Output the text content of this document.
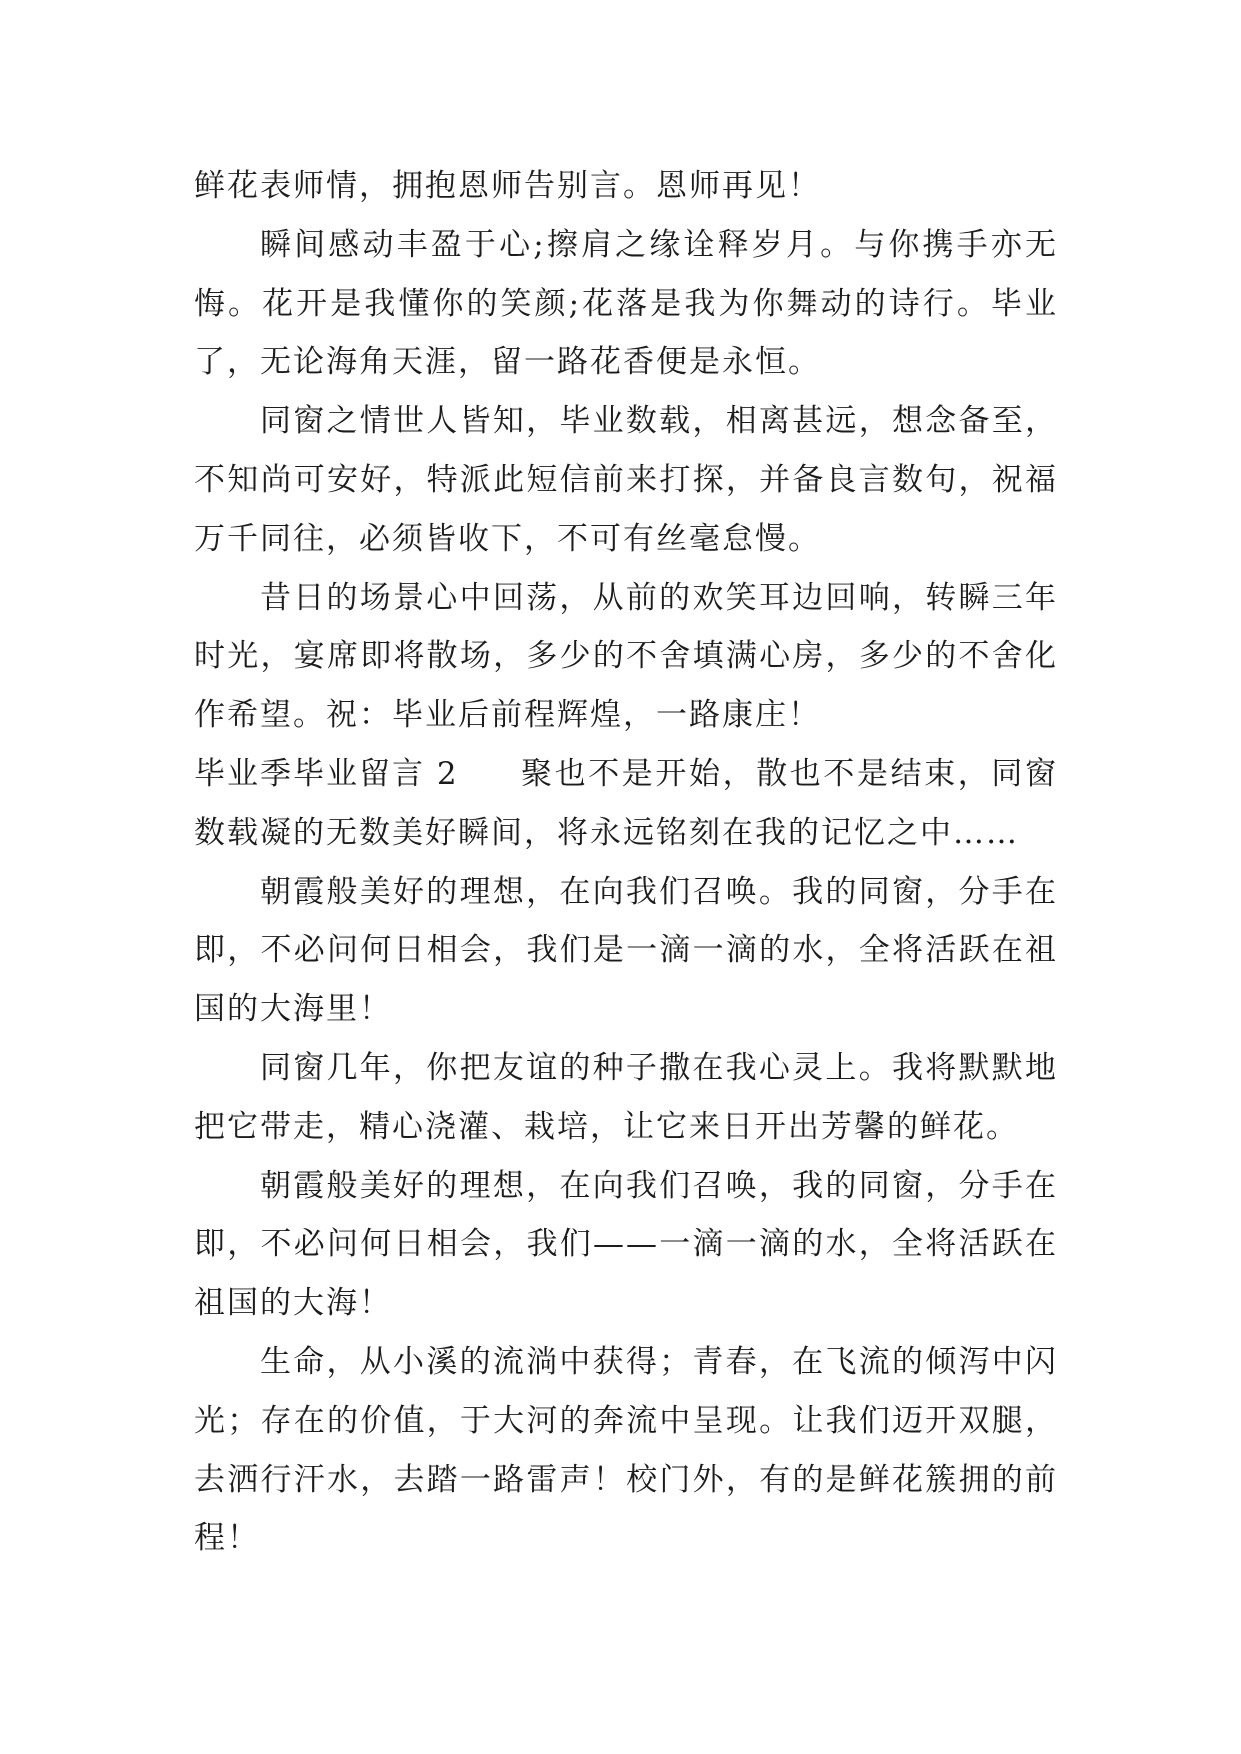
鲜花表师情，拥抱恩师告别言。恩师再见！
瞬间感动丰盈于心;擦肩之缘诠释岁月。与你携手亦无
悔。花开是我懂你的笑颜;花落是我为你舞动的诗行。毕业
了，无论海角天涯，留一路花香便是永恒。
同窗之情世人皆知，毕业数载，相离甚远，想念备至，
不知尚可安好，特派此短信前来打探，并备良言数句，祝福
万千同往，必须皆收下，不可有丝毫怠慢。
昔日的场景心中回荡，从前的欢笑耳边回响，转瞬三年
时光，宴席即将散场，多少的不舍填满心房，多少的不舍化
作希望。祝：毕业后前程辉煌，一路康庄！
毕业季毕业留言 2 聚也不是开始，散也不是结束，同窗
数载凝的无数美好瞬间，将永远铭刻在我的记忆之中……
朝霞般美好的理想，在向我们召唤。我的同窗，分手在
即，不必问何日相会，我们是一滴一滴的水，全将活跃在祖
国的大海里！
同窗几年，你把友谊的种子撒在我心灵上。我将默默地
把它带走，精心浇灌、栽培，让它来日开出芳馨的鲜花。
朝霞般美好的理想，在向我们召唤，我的同窗，分手在
即，不必问何日相会，我们——一滴一滴的水，全将活跃在
祖国的大海！
生命，从小溪的流淌中获得；青春，在飞流的倾泻中闪
光；存在的价值，于大河的奔流中呈现。让我们迈开双腿，
去洒行汗水，去踏一路雷声！校门外，有的是鲜花簇拥的前
程！
